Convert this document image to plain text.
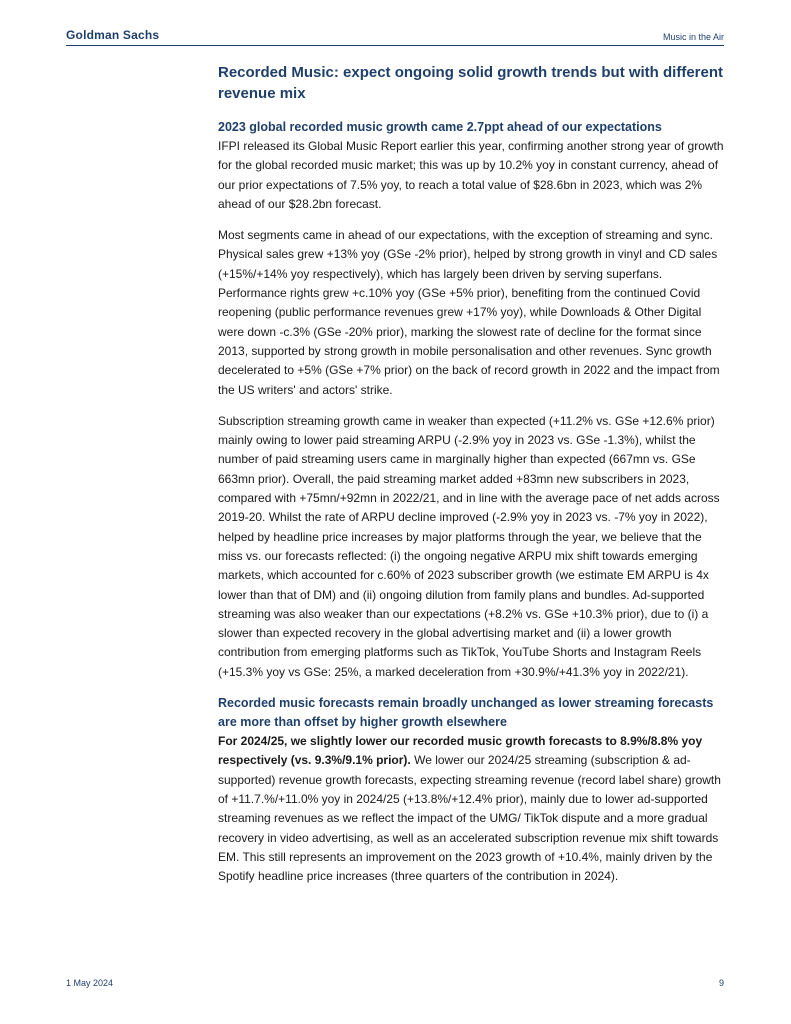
Goldman Sachs	Music in the Air
Recorded Music: expect ongoing solid growth trends but with different revenue mix
2023 global recorded music growth came 2.7ppt ahead of our expectations

IFPI released its Global Music Report earlier this year, confirming another strong year of growth for the global recorded music market; this was up by 10.2% yoy in constant currency, ahead of our prior expectations of 7.5% yoy, to reach a total value of $28.6bn in 2023, which was 2% ahead of our $28.2bn forecast.

Most segments came in ahead of our expectations, with the exception of streaming and sync. Physical sales grew +13% yoy (GSe -2% prior), helped by strong growth in vinyl and CD sales (+15%/+14% yoy respectively), which has largely been driven by serving superfans. Performance rights grew +c.10% yoy (GSe +5% prior), benefiting from the continued Covid reopening (public performance revenues grew +17% yoy), while Downloads & Other Digital were down -c.3% (GSe -20% prior), marking the slowest rate of decline for the format since 2013, supported by strong growth in mobile personalisation and other revenues. Sync growth decelerated to +5% (GSe +7% prior) on the back of record growth in 2022 and the impact from the US writers' and actors' strike.

Subscription streaming growth came in weaker than expected (+11.2% vs. GSe +12.6% prior) mainly owing to lower paid streaming ARPU (-2.9% yoy in 2023 vs. GSe -1.3%), whilst the number of paid streaming users came in marginally higher than expected (667mn vs. GSe 663mn prior). Overall, the paid streaming market added +83mn new subscribers in 2023, compared with +75mn/+92mn in 2022/21, and in line with the average pace of net adds across 2019-20. Whilst the rate of ARPU decline improved (-2.9% yoy in 2023 vs. -7% yoy in 2022), helped by headline price increases by major platforms through the year, we believe that the miss vs. our forecasts reflected: (i) the ongoing negative ARPU mix shift towards emerging markets, which accounted for c.60% of 2023 subscriber growth (we estimate EM ARPU is 4x lower than that of DM) and (ii) ongoing dilution from family plans and bundles. Ad-supported streaming was also weaker than our expectations (+8.2% vs. GSe +10.3% prior), due to (i) a slower than expected recovery in the global advertising market and (ii) a lower growth contribution from emerging platforms such as TikTok, YouTube Shorts and Instagram Reels (+15.3% yoy vs GSe: 25%, a marked deceleration from +30.9%/+41.3% yoy in 2022/21).

Recorded music forecasts remain broadly unchanged as lower streaming forecasts are more than offset by higher growth elsewhere

For 2024/25, we slightly lower our recorded music growth forecasts to 8.9%/8.8% yoy respectively (vs. 9.3%/9.1% prior). We lower our 2024/25 streaming (subscription & ad-supported) revenue growth forecasts, expecting streaming revenue (record label share) growth of +11.7.%/+11.0% yoy in 2024/25 (+13.8%/+12.4% prior), mainly due to lower ad-supported streaming revenues as we reflect the impact of the UMG/ TikTok dispute and a more gradual recovery in video advertising, as well as an accelerated subscription revenue mix shift towards EM. This still represents an improvement on the 2023 growth of +10.4%, mainly driven by the Spotify headline price increases (three quarters of the contribution in 2024).

1 May 2024	9
